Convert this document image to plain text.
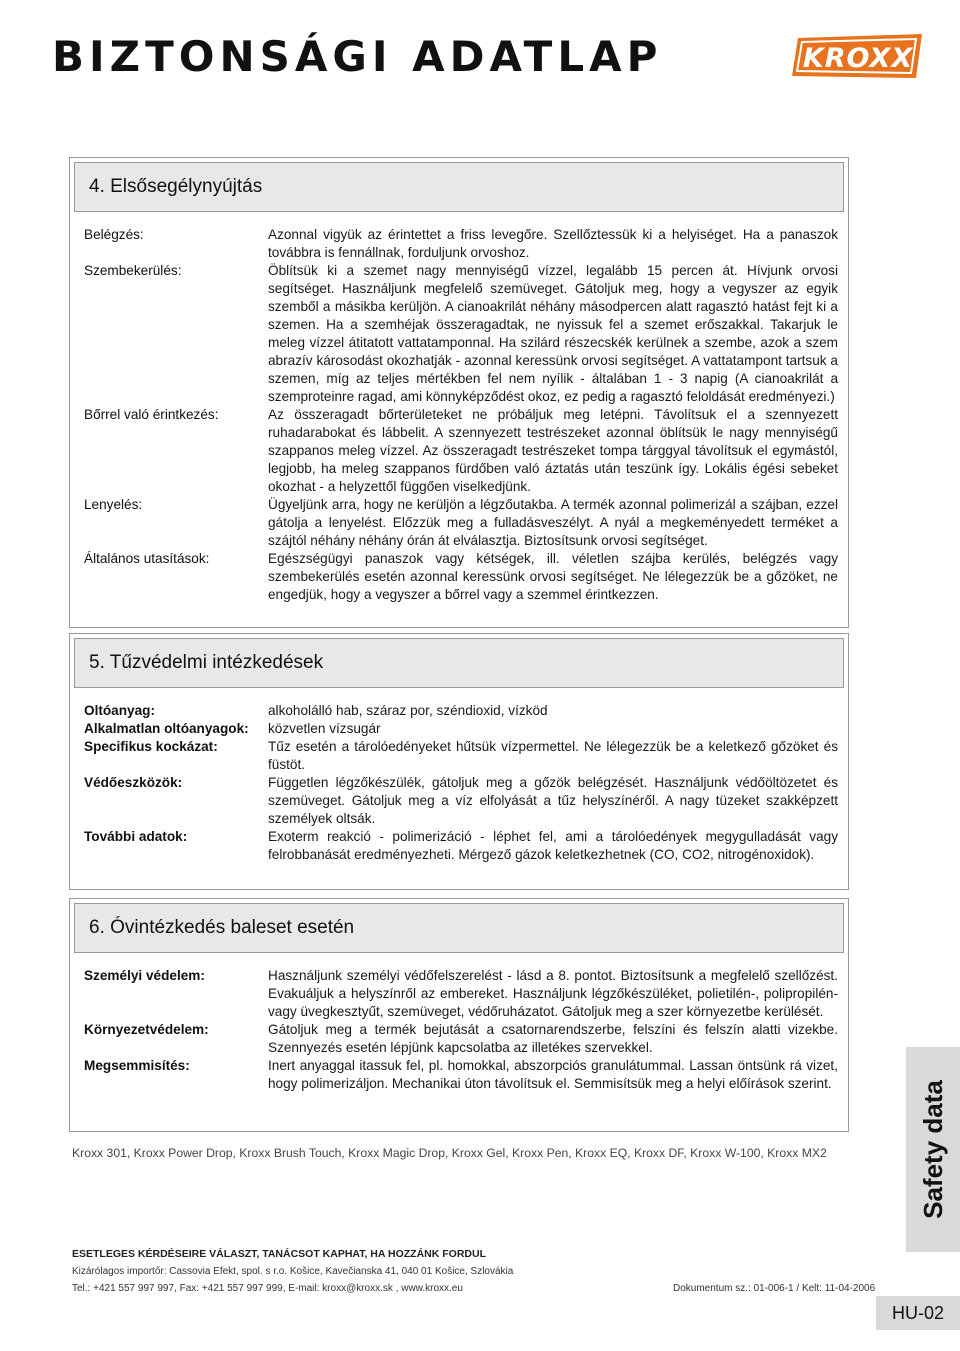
BIZTONSÁGI ADATLAP	KROXX
4. Elsősegélynyújtás
Belégzés:	Azonnal vigyük az érintettet a friss levegőre. Szellőztessük ki a helyiséget. Ha a panaszok továbbra is fennállnak, forduljunk orvoshoz.
Szembekerülés:	Öblítsük ki a szemet nagy mennyiségű vízzel, legalább 15 percen át. Hívjunk orvosi segítséget. Használjunk megfelelő szemüveget. Gátoljuk meg, hogy a vegyszer az egyik szemből a másikba kerüljön. A cianoakrilát néhány másodpercen alatt ragasztó hatást fejt ki a szemen. Ha a szemhéjak összeragadtak, ne nyissuk fel a szemet erőszakkal. Takarjuk le meleg vízzel átitatott vattatamponnal. Ha szilárd részecskék kerülnek a szembe, azok a szem abrazív károsodást okozhatják - azonnal keressünk orvosi segítséget. A vattatampont tartsuk a szemen, míg az teljes mértékben fel nem nyílik - általában 1 - 3 napig (A cianoakrilát a szemproteinre ragad, ami könnyképződést okoz, ez pedig a ragasztó feloldását eredményezi.)
Bőrrel való érintkezés:	Az összeragadt bőrterületeket ne próbáljuk meg letépni. Távolítsuk el a szennyezett ruhadarabokat és lábbelit. A szennyezett testrészeket azonnal öblítsük le nagy mennyiségű szappanos meleg vízzel. Az összeragadt testrészeket tompa tárggyal távolítsuk el egymástól, legjobb, ha meleg szappanos fürdőben való áztatás után teszünk így. Lokális égési sebeket okozhat - a helyzettől függően viselkedjünk.
Lenyelés:	Ügyeljünk arra, hogy ne kerüljön a légzőutakba. A termék azonnal polimerizál a szájban, ezzel gátolja a lenyelést. Előzzük meg a fulladásveszélyt. A nyál a megkeményedett terméket a szájtól néhány néhány órán át elválasztja. Biztosítsunk orvosi segítséget.
Általános utasítások:	Egészségügyi panaszok vagy kétségek, ill. véletlen szájba kerülés, belégzés vagy szembekerülés esetén azonnal keressünk orvosi segítséget. Ne lélegezzük be a gőzöket, ne engedjük, hogy a vegyszer a bőrrel vagy a szemmel érintkezzen.
5. Tűzvédelmi intézkedések
Oltóanyag:	alkoholálló hab, száraz por, széndioxid, vízköd
Alkalmatlan oltóanyagok:	közvetlen vízsugár
Specifikus kockázat:	Tűz esetén a tárolóedényeket hűtsük vízpermettel. Ne lélegezzük be a keletkező gőzöket és füstöt.
Védőeszközök:	Független légzőkészülék, gátoljuk meg a gőzök belégzését. Használjunk védőöltözetet és szemüveget. Gátoljuk meg a víz elfolyását a tűz helyszínéről. A nagy tüzeket szakképzett személyek oltsák.
További adatok:	Exoterm reakció - polimerizáció - léphet fel, ami a tárolóedények megygulladását vagy felrobbanását eredményezheti. Mérgező gázok keletkezhetnek (CO, CO2, nitrogénoxidok).
6. Óvintézkedés baleset esetén
Személyi védelem:	Használjunk személyi védőfelszerelést - lásd a 8. pontot. Biztosítsunk a megfelelő szellőzést. Evakuáljuk a helyszínről az embereket. Használjunk légzőkészüléket, polietilén-, polipropilén- vagy üvegkesztyűt, szemüveget, védőruházatot. Gátoljuk meg a szer környezetbe kerülését.
Környezetvédelem:	Gátoljuk meg a termék bejutását a csatornarendszerbe, felszíni és felszín alatti vizekbe. Szennyezés esetén lépjünk kapcsolatba az illetékes szervekkel.
Megsemmisítés:	Inert anyaggal itassuk fel, pl. homokkal, abszorpciós granulátummal. Lassan öntsünk rá vizet, hogy polimerizáljon. Mechanikai úton távolítsuk el. Semmisítsük meg a helyi előírások szerint.
Kroxx 301, Kroxx Power Drop, Kroxx Brush Touch, Kroxx Magic Drop, Kroxx Gel, Kroxx Pen, Kroxx EQ, Kroxx DF, Kroxx W-100, Kroxx MX2	Safety data
ESETLEGES KÉRDÉSEIRE VÁLASZT, TANÁCSOT KAPHAT, HA HOZZÁNK FORDUL
Kizárólagos importőr: Cassovia Efekt, spol. s r.o. Košice, Kavečianska 41, 040 01 Košice, Szlovákia
Tel.: +421 557 997 997, Fax: +421 557 997 999, E-mail: kroxx@kroxx.sk , www.kroxx.eu	Dokumentum sz.: 01-006-1 / Kelt: 11-04-2006
HU-02
